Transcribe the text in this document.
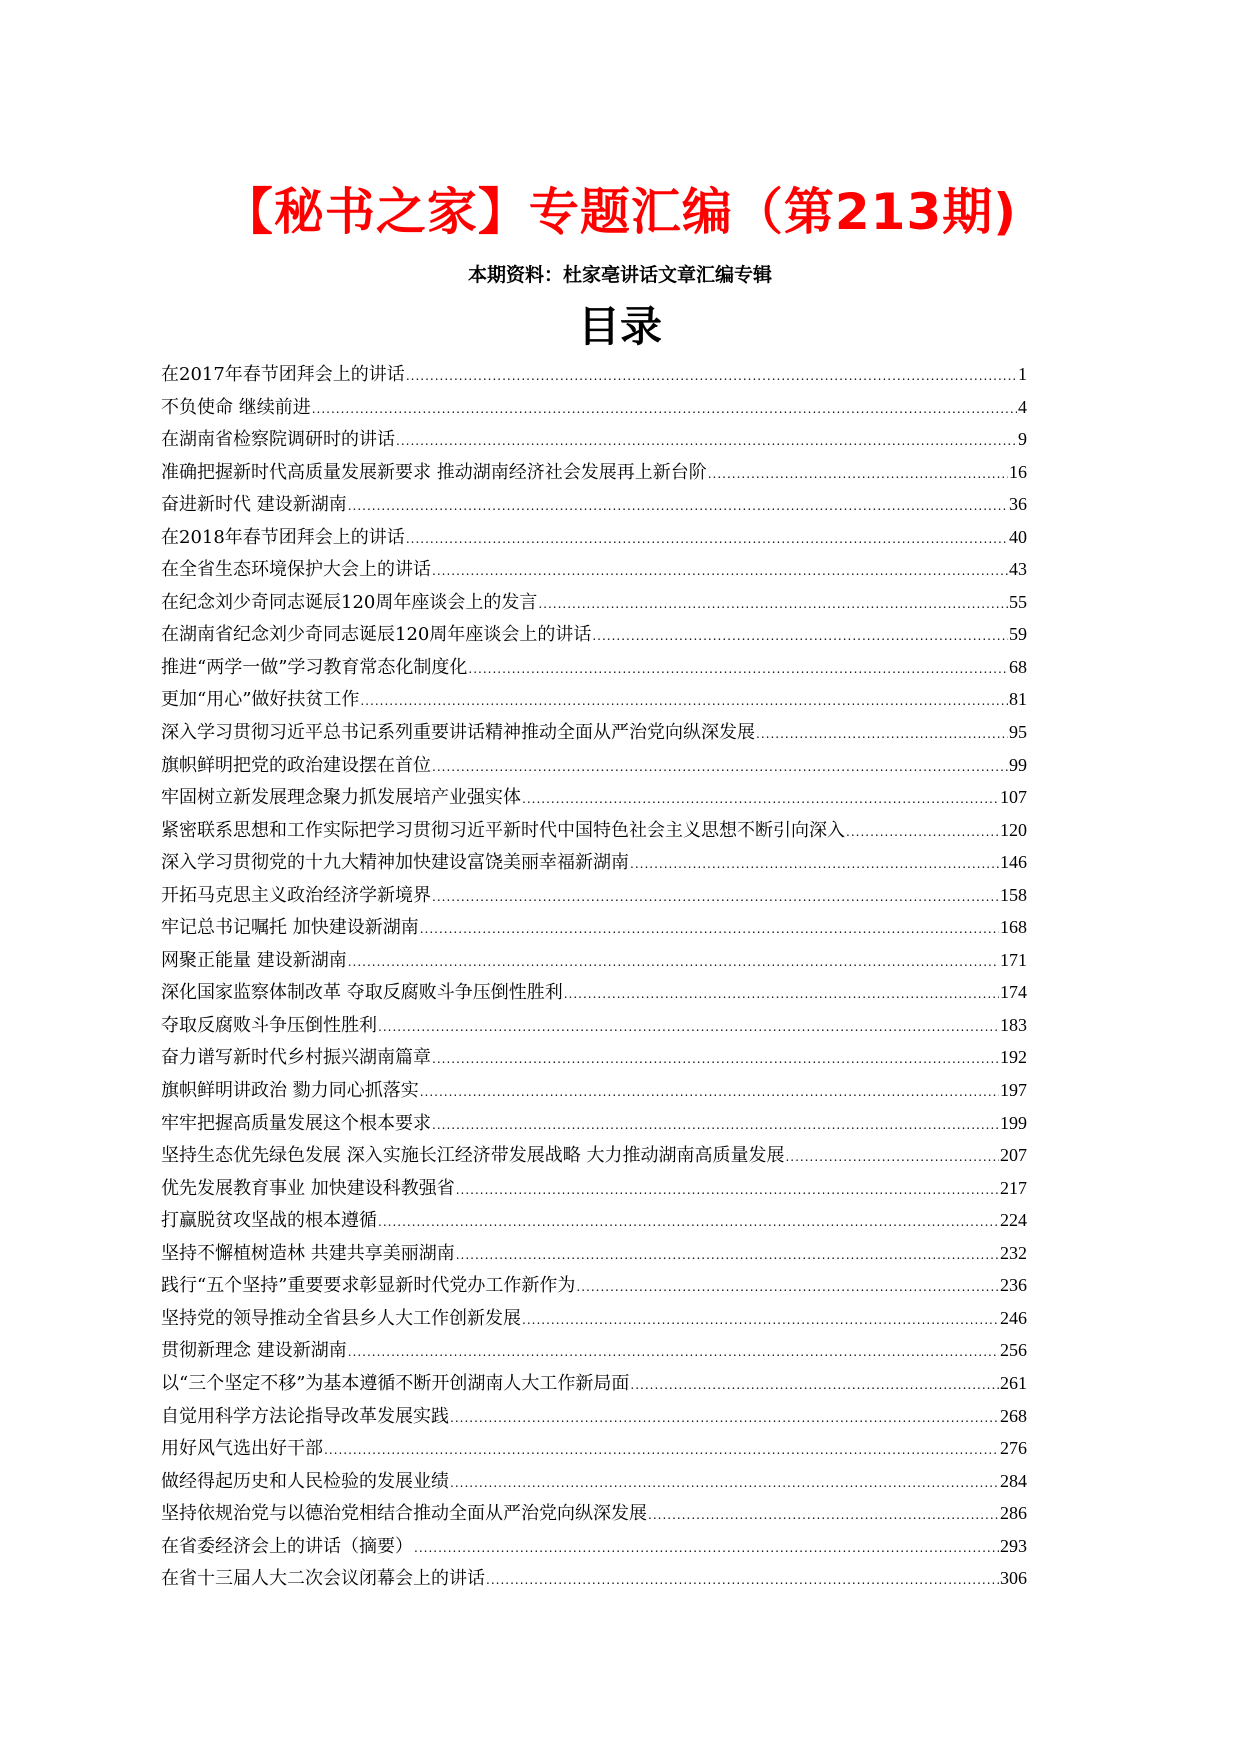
【秘书之家】专题汇编（第213期)
本期资料：杜家亳讲话文章汇编专辑
目录
在2017年春节团拜会上的讲话 .....	1
不负使命 继续前进 .....	4
在湖南省检察院调研时的讲话 .....	9
准确把握新时代高质量发展新要求 推动湖南经济社会发展再上新台阶 .....	16
奋进新时代 建设新湖南 .....	36
在2018年春节团拜会上的讲话 .....	40
在全省生态环境保护大会上的讲话 .....	43
在纪念刘少奇同志诞辰120周年座谈会上的发言 .....	55
在湖南省纪念刘少奇同志诞辰120周年座谈会上的讲话 .....	59
推进“两学一做”学习教育常态化制度化 .....	68
更加“用心”做好扶贫工作 .....	81
深入学习贯彻习近平总书记系列重要讲话精神推动全面从严治党向纵深发展 .....	95
旗帜鲜明把党的政治建设摆在首位 .....	99
牢固树立新发展理念聚力抓发展培产业强实体 .....	107
紧密联系思想和工作实际把学习贯彻习近平新时代中国特色社会主义思想不断引向深入 .....	120
深入学习贯彻党的十九大精神加快建设富饶美丽幸福新湖南 .....	146
开拓马克思主义政治经济学新境界 .....	158
牢记总书记嘱托 加快建设新湖南 .....	168
网聚正能量 建设新湖南 .....	171
深化国家监察体制改革 夺取反腐败斗争压倒性胜利 .....	174
夺取反腐败斗争压倒性胜利 .....	183
奋力谱写新时代乡村振兴湖南篇章 .....	192
旗帜鲜明讲政治 勠力同心抓落实 .....	197
牢牢把握高质量发展这个根本要求 .....	199
坚持生态优先绿色发展 深入实施长江经济带发展战略 大力推动湖南高质量发展 .....	207
优先发展教育事业 加快建设科教强省 .....	217
打赢脱贫攻坚战的根本遵循 .....	224
坚持不懈植树造林 共建共享美丽湖南 .....	232
践行“五个坚持”重要要求彰显新时代党办工作新作为 .....	236
坚持党的领导推动全省县乡人大工作创新发展 .....	246
贯彻新理念 建设新湖南 .....	256
以“三个坚定不移”为基本遵循不断开创湖南人大工作新局面 .....	261
自觉用科学方法论指导改革发展实践 .....	268
用好风气选出好干部 .....	276
做经得起历史和人民检验的发展业绩 .....	284
坚持依规治党与以德治党相结合推动全面从严治党向纵深发展 .....	286
在省委经济会上的讲话（摘要） .....	293
在省十三届人大二次会议闭幕会上的讲话 .....	306
